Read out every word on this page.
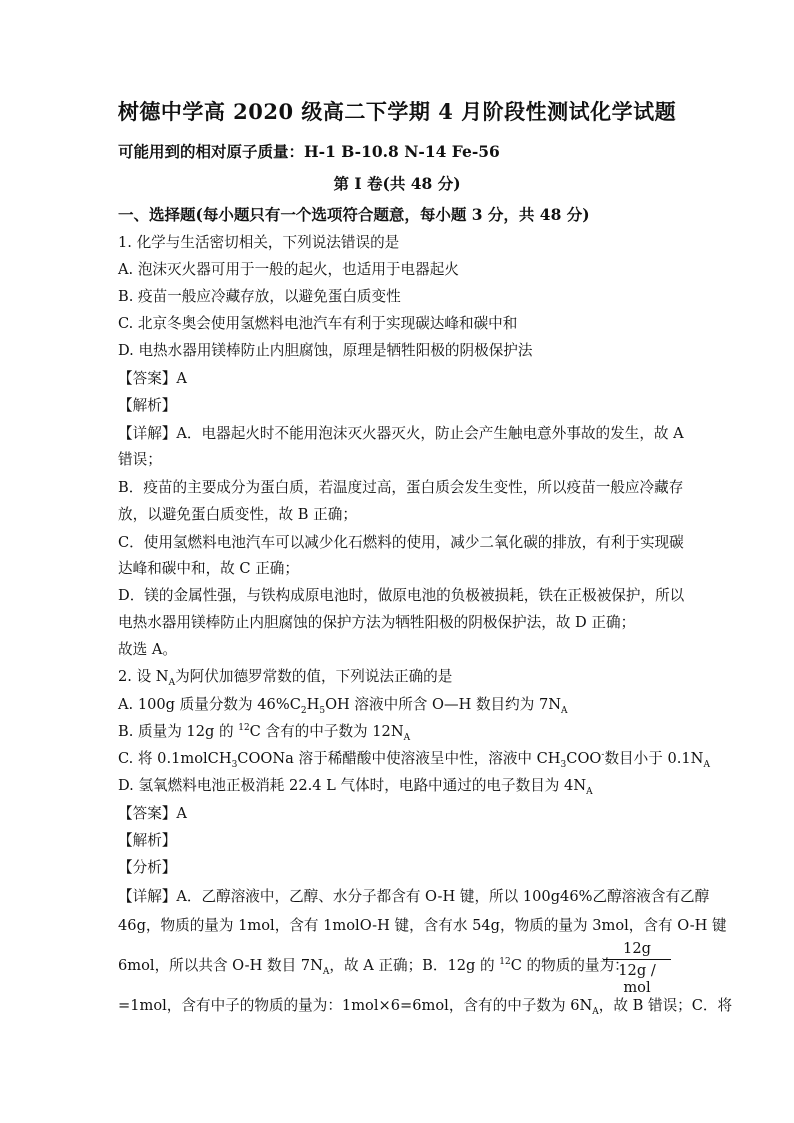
树德中学高 2020 级高二下学期 4 月阶段性测试化学试题
可能用到的相对原子质量：H-1 B-10.8 N-14 Fe-56
第 I 卷(共 48 分)
一、选择题(每小题只有一个选项符合题意，每小题 3 分，共 48 分)
1. 化学与生活密切相关，下列说法错误的是
A. 泡沫灭火器可用于一般的起火，也适用于电器起火
B. 疫苗一般应冷藏存放，以避免蛋白质变性
C. 北京冬奥会使用氢燃料电池汽车有利于实现碳达峰和碳中和
D. 电热水器用镁棒防止内胆腐蚀，原理是牺牲阳极的阴极保护法
【答案】A
【解析】
【详解】A．电器起火时不能用泡沫灭火器灭火，防止会产生触电意外事故的发生，故 A
错误；
B．疫苗的主要成分为蛋白质，若温度过高，蛋白质会发生变性，所以疫苗一般应冷藏存
放，以避免蛋白质变性，故 B 正确；
C．使用氢燃料电池汽车可以减少化石燃料的使用，减少二氧化碳的排放，有利于实现碳
达峰和碳中和，故 C 正确；
D．镁的金属性强，与铁构成原电池时，做原电池的负极被损耗，铁在正极被保护，所以
电热水器用镁棒防止内胆腐蚀的保护方法为牺牲阳极的阴极保护法，故 D 正确；
故选 A。
2. 设 $N_A$为阿伏加德罗常数的值，下列说法正确的是
A. 100g 质量分数为 $46\%C_2H_5OH$ 溶液中所含 O—H 数目约为 $7N_A$
B. 质量为 12g 的 $^{12}$C 含有的中子数为 $12N_A$
C. 将 0.1molCH$_3$COONa 溶于稀醋酸中使溶液呈中性，溶液中 $CH_3COO^-$数目小于 $0.1N_A$
D. 氢氧燃料电池正极消耗 22.4 L 气体时，电路中通过的电子数目为 $4N_A$
【答案】A
【解析】
【分析】
【详解】A．乙醇溶液中，乙醇、水分子都含有 O-H 键，所以 100g46%乙醇溶液含有乙醇
46g，物质的量为 1mol，含有 1molO-H 键，含有水 54g，物质的量为 3mol，含有 O-H 键
6mol，所以共含 O-H 数目 $7N_A$，故 A 正确；B．12g 的 $^{12}$C 的物质的量为：
12g
12g / mol
=1mol，含有中子的物质的量为：1mol×6=6mol，含有的中子数为 $6N_A$，故 B 错误；C．将
